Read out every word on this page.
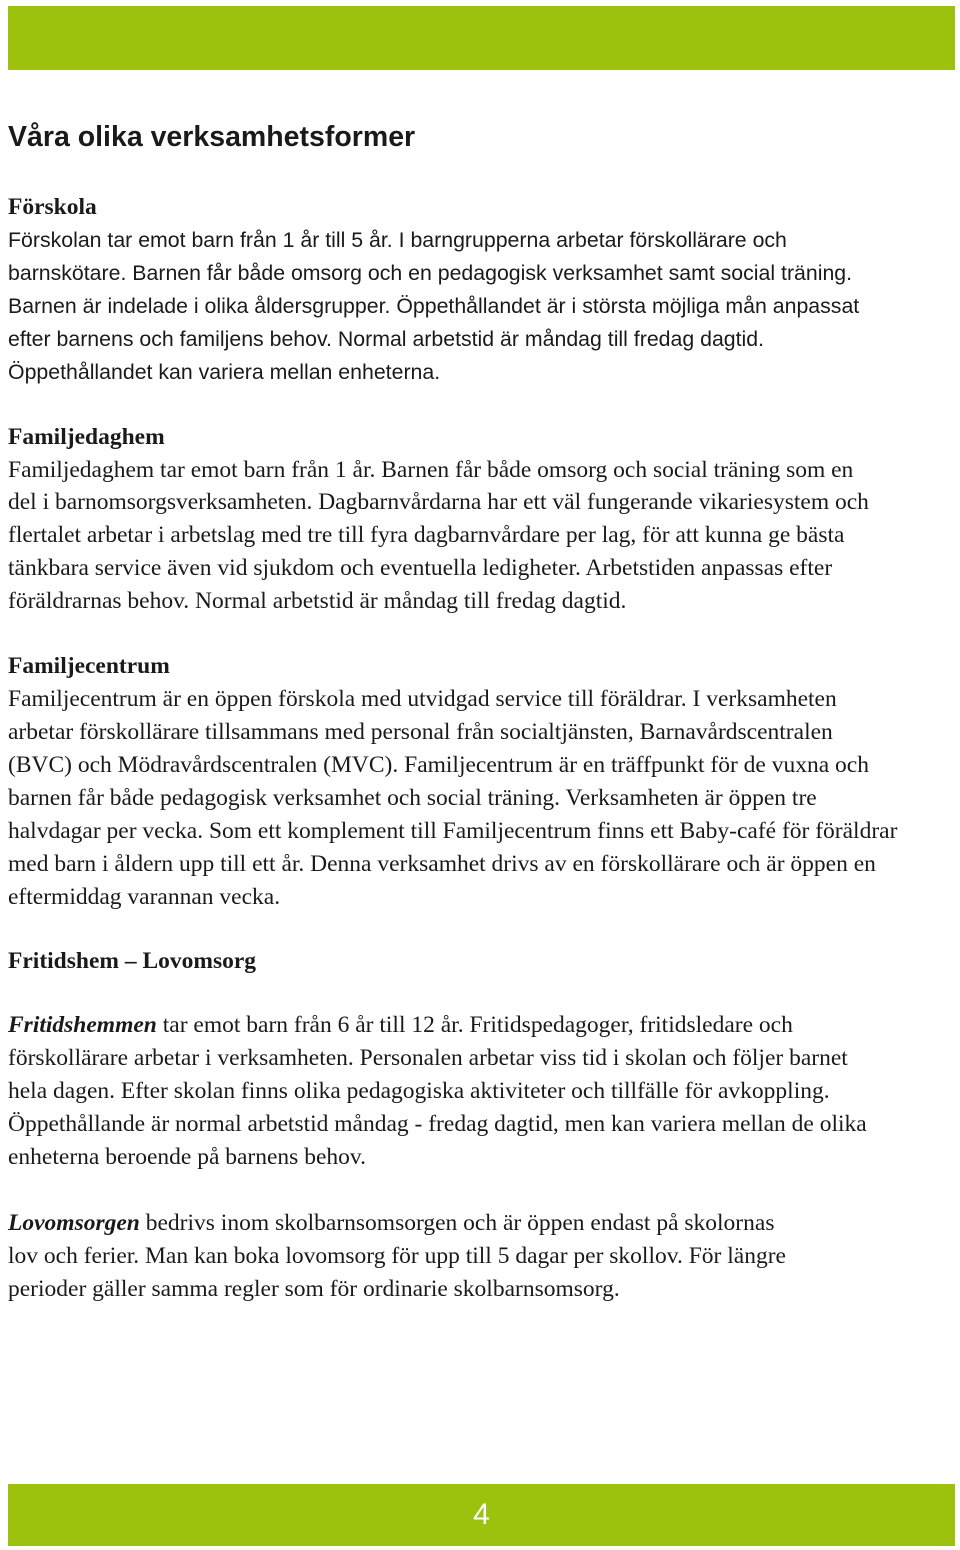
Våra olika verksamhetsformer
Förskola

Förskolan tar emot barn från 1 år till 5 år. I barngrupperna arbetar förskollärare och barnskötare. Barnen får både omsorg och en pedagogisk verksamhet samt social träning. Barnen är indelade i olika åldersgrupper. Öppethållandet är i största möjliga mån anpassat efter barnens och familjens behov. Normal arbetstid är måndag till fredag dagtid. Öppethållandet kan variera mellan enheterna.

Familjedaghem

Familjedaghem tar emot barn från 1 år. Barnen får både omsorg och social träning som en del i barnomsorgsverksamheten. Dagbarnvårdarna har ett väl fungerande vikariesystem och flertalet arbetar i arbetslag med tre till fyra dagbarnvårdare per lag, för att kunna ge bästa tänkbara service även vid sjukdom och eventuella ledigheter. Arbetstiden anpassas efter föräldrarnas behov. Normal arbetstid är måndag till fredag dagtid.

Familjecentrum

Familjecentrum är en öppen förskola med utvidgad service till föräldrar. I verksamheten arbetar förskollärare tillsammans med personal från socialtjänsten, Barnavårdscentralen (BVC) och Mödravårdscentralen (MVC). Familjecentrum är en träffpunkt för de vuxna och barnen får både pedagogisk verksamhet och social träning. Verksamheten är öppen tre halvdagar per vecka. Som ett komplement till Familjecentrum finns ett Baby-café för föräldrar med barn i åldern upp till ett år. Denna verksamhet drivs av en förskollärare och är öppen en eftermiddag varannan vecka.

Fritidshem – Lovomsorg

Fritidshemmen tar emot barn från 6 år till 12 år. Fritidspedagoger, fritidsledare och förskollärare arbetar i verksamheten. Personalen arbetar viss tid i skolan och följer barnet hela dagen. Efter skolan finns olika pedagogiska aktiviteter och tillfälle för avkoppling.

Öppethållande är normal arbetstid måndag - fredag dagtid, men kan variera mellan de olika enheterna beroende på barnens behov.

Lovomsorgen bedrivs inom skolbarnsomsorgen och är öppen endast på skolornas lov och ferier. Man kan boka lovomsorg för upp till 5 dagar per skollov. För längre perioder gäller samma regler som för ordinarie skolbarnsomsorg.

4
